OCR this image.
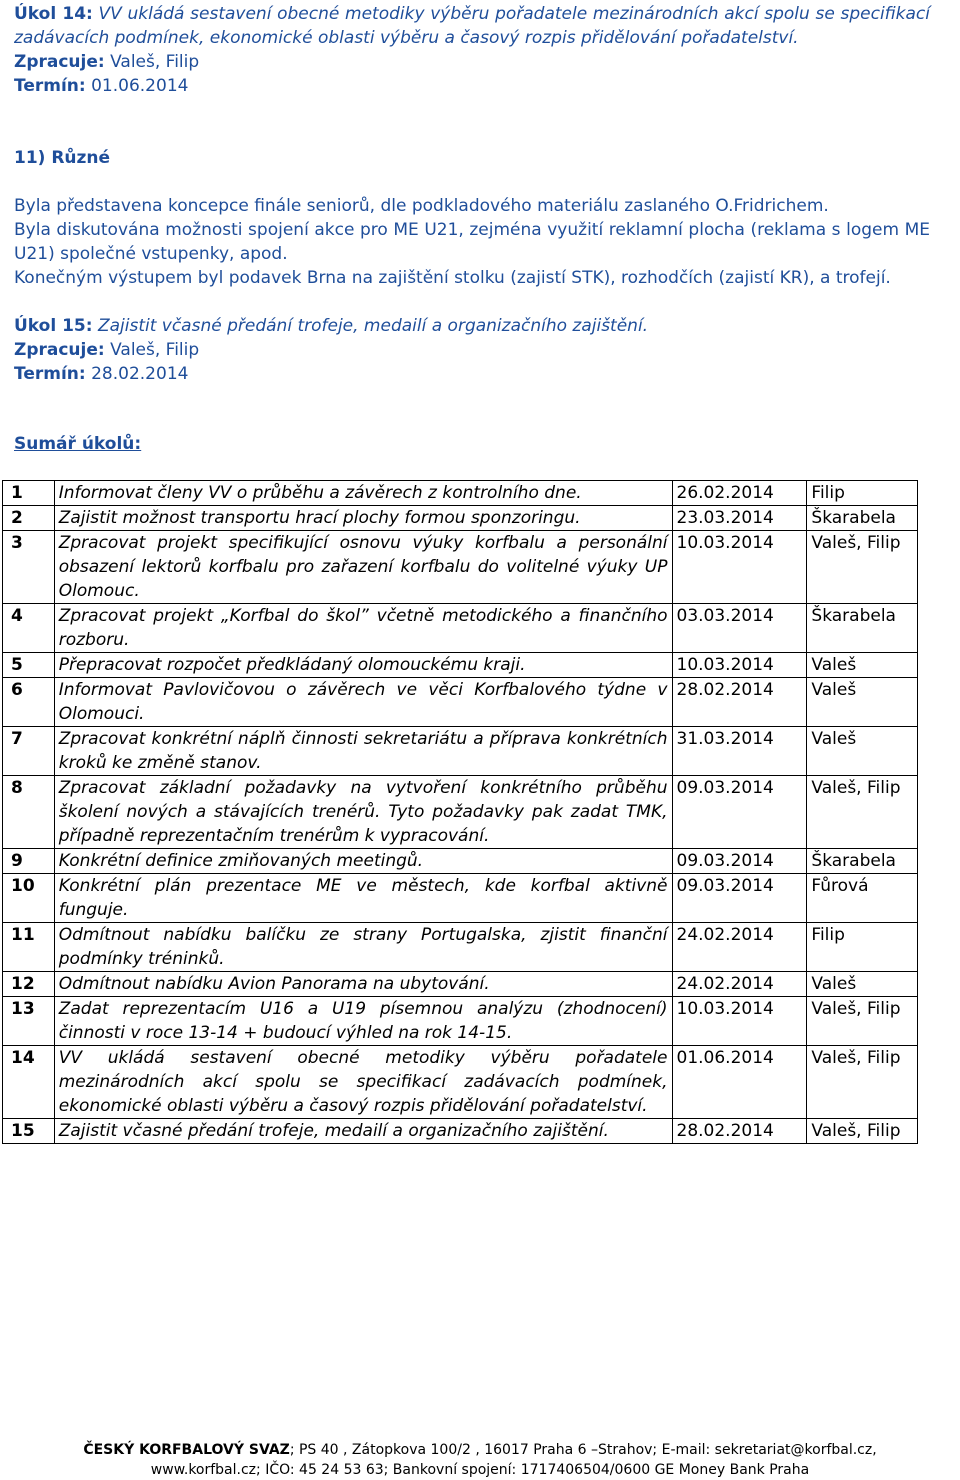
Úkol 14: VV ukládá sestavení obecné metodiky výběru pořadatele mezinárodních akcí spolu se specifikací zadávacích podmínek, ekonomické oblasti výběru a časový rozpis přidělování pořadatelství.

Zpracuje: Valeš, Filip

Termín: 01.06.2014

11) Různé

Byla představena koncepce finále seniorů, dle podkladového materiálu zaslaného O.Fridrichem.

Byla diskutována možnosti spojení akce pro ME U21, zejména využití reklamní plocha (reklama s logem ME U21) společné vstupenky, apod.

Konečným výstupem byl podavek Brna na zajištění stolku (zajistí STK), rozhodčích (zajistí KR), a trofejí.

Úkol 15: Zajistit včasné předání trofeje, medailí a organizačního zajištění.

Zpracuje: Valeš, Filip

Termín: 28.02.2014

Sumář úkolů:

1	Informovat členy VV o průběhu a závěrech z kontrolního dne.	26.02.2014	Filip
2	Zajistit možnost transportu hrací plochy formou sponzoringu.	23.03.2014	Škarabela
3	Zpracovat projekt specifikující osnovu výuky korfbalu a personální obsazení lektorů korfbalu pro zařazení korfbalu do volitelné výuky UP Olomouc.	10.03.2014	Valeš, Filip
4	Zpracovat projekt „Korfbal do škol” včetně metodického a finančního rozboru.	03.03.2014	Škarabela
5	Přepracovat rozpočet předkládaný olomouckému kraji.	10.03.2014	Valeš
6	Informovat Pavlovičovou o závěrech ve věci Korfbalového týdne v Olomouci.	28.02.2014	Valeš
7	Zpracovat konkrétní náplň činnosti sekretariátu a příprava konkrétních kroků ke změně stanov.	31.03.2014	Valeš
8	Zpracovat základní požadavky na vytvoření konkrétního průběhu školení nových a stávajících trenérů. Tyto požadavky pak zadat TMK, případně reprezentačním trenérům k vypracování.	09.03.2014	Valeš, Filip
9	Konkrétní definice zmiňovaných meetingů.	09.03.2014	Škarabela
10	Konkrétní plán prezentace ME ve městech, kde korfbal aktivně funguje.	09.03.2014	Fůrová
11	Odmítnout nabídku balíčku ze strany Portugalska, zjistit finanční podmínky tréninků.	24.02.2014	Filip
12	Odmítnout nabídku Avion Panorama na ubytování.	24.02.2014	Valeš
13	Zadat reprezentacím U16 a U19 písemnou analýzu (zhodnocení) činnosti v roce 13-14 + budoucí výhled na rok 14-15.	10.03.2014	Valeš, Filip
14	VV ukládá sestavení obecné metodiky výběru pořadatele mezinárodních akcí spolu se specifikací zadávacích podmínek, ekonomické oblasti výběru a časový rozpis přidělování pořadatelství.	01.06.2014	Valeš, Filip
15	Zajistit včasné předání trofeje, medailí a organizačního zajištění.	28.02.2014	Valeš, Filip
ČESKÝ KORFBALOVÝ SVAZ; PS 40 , Zátopkova 100/2 , 16017 Praha 6 –Strahov; E-mail: sekretariat@korfbal.cz,
www.korfbal.cz; IČO: 45 24 53 63; Bankovní spojení: 1717406504/0600 GE Money Bank Praha
